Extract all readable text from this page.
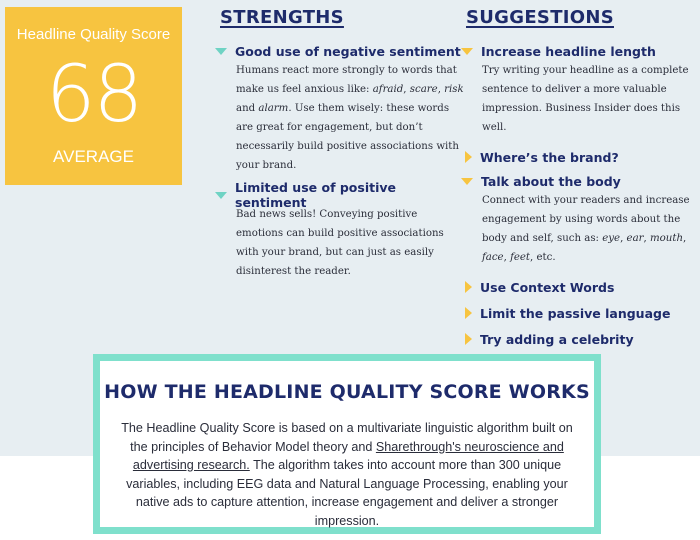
Headline Quality Score
68
AVERAGE
STRENGTHS
Good use of negative sentiment
Humans react more strongly to words that make us feel anxious like: afraid, scare, risk and alarm. Use them wisely: these words are great for engagement, but don’t necessarily build positive associations with your brand.
Limited use of positive sentiment
Bad news sells! Conveying positive emotions can build positive associations with your brand, but can just as easily disinterest the reader.
SUGGESTIONS
Increase headline length
Try writing your headline as a complete sentence to deliver a more valuable impression. Business Insider does this well.
Where’s the brand?
Talk about the body
Connect with your readers and increase engagement by using words about the body and self, such as: eye, ear, mouth, face, feet, etc.
Use Context Words
Limit the passive language
Try adding a celebrity
HOW THE HEADLINE QUALITY SCORE WORKS
The Headline Quality Score is based on a multivariate linguistic algorithm built on the principles of Behavior Model theory and Sharethrough's neuroscience and advertising research. The algorithm takes into account more than 300 unique variables, including EEG data and Natural Language Processing, enabling your native ads to capture attention, increase engagement and deliver a stronger impression.
